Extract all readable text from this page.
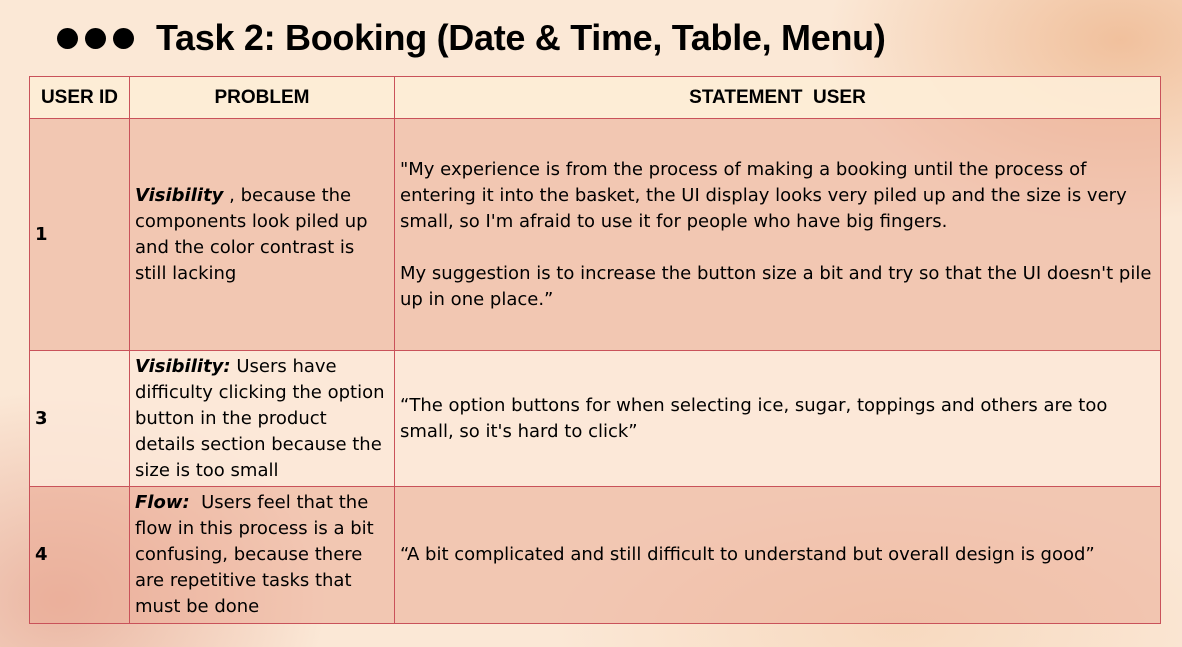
Task 2: Booking (Date & Time, Table, Menu)
USER ID	PROBLEM	STATEMENT  USER
1	Visibility , because the components look piled up and the color contrast is still lacking	"My experience is from the process of making a booking until the process of entering it into the basket, the UI display looks very piled up and the size is very small, so I'm afraid to use it for people who have big fingers.
My suggestion is to increase the button size a bit and try so that the UI doesn't pile up in one place.”

3	Visibility: Users have difficulty clicking the option button in the product details section because the size is too small	“The option buttons for when selecting ice, sugar, toppings and others are too small, so it's hard to click”

4	Flow:  Users feel that the flow in this process is a bit confusing, because there are repetitive tasks that must be done	“A bit complicated and still difficult to understand but overall design is good”
